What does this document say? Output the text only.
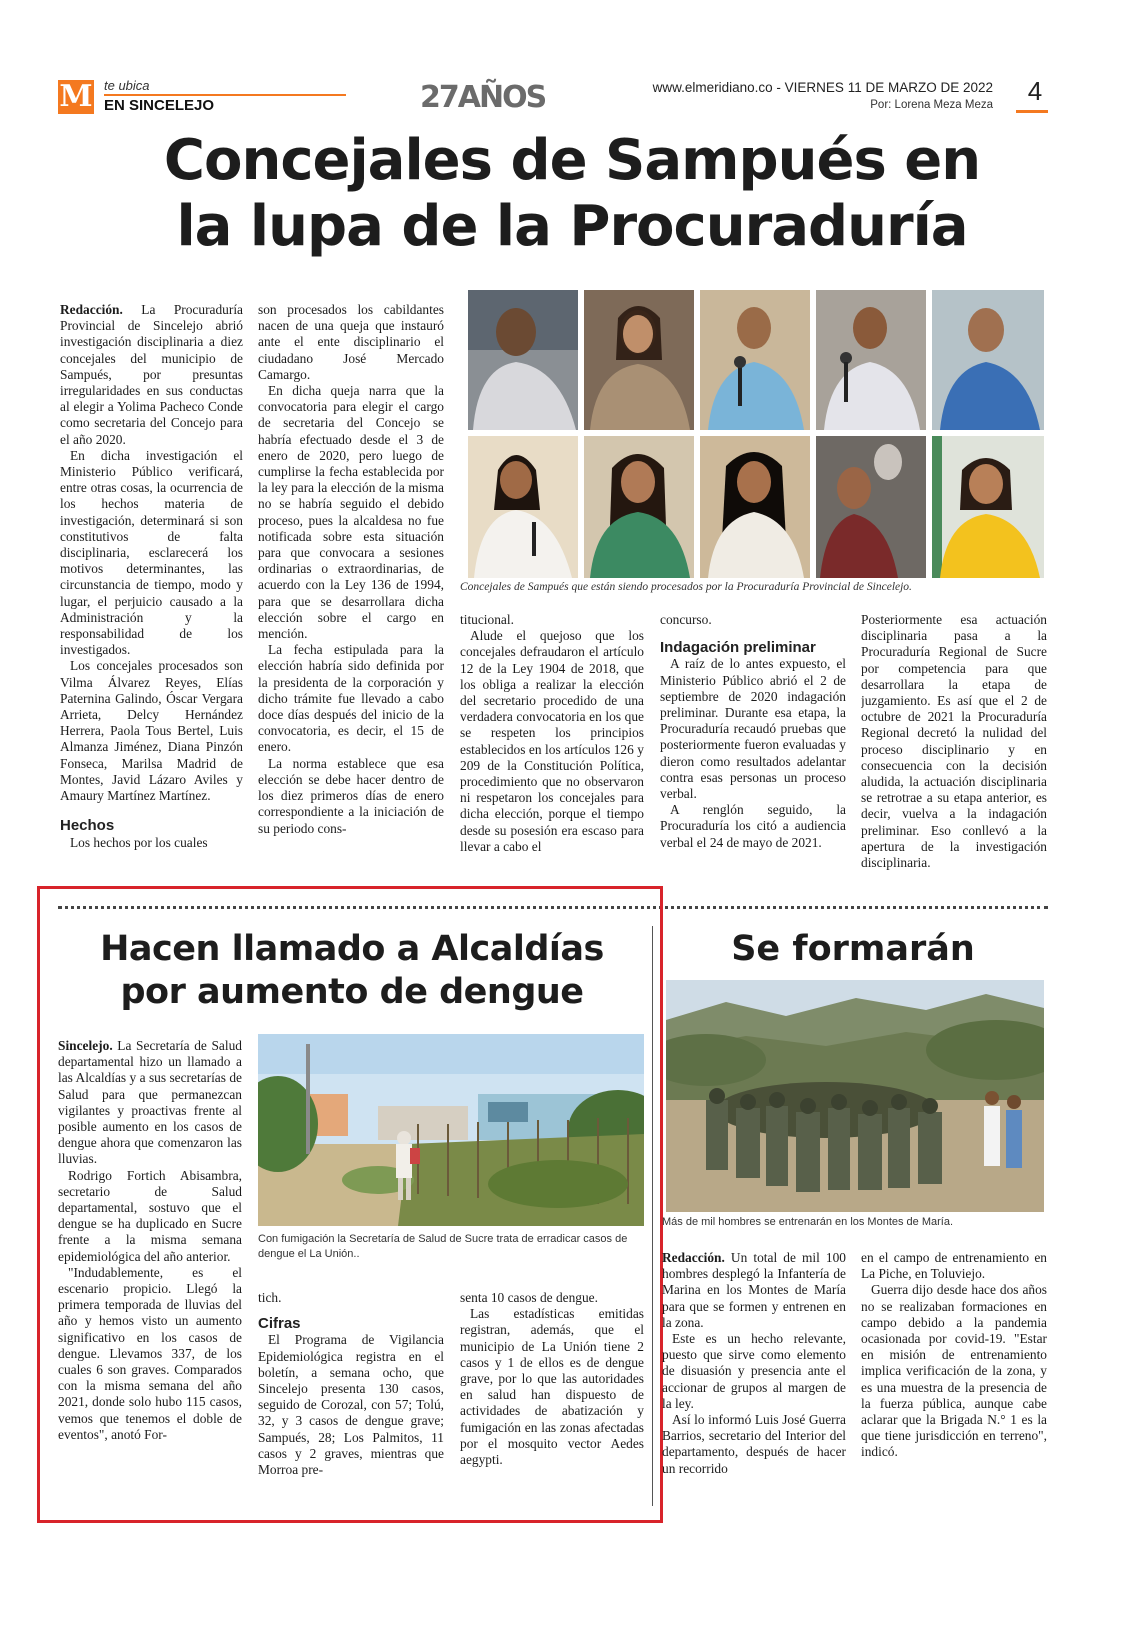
M te ubica
EN SINCELEJO	27AÑOS	www.elmeridiano.co - VIERNES 11 DE MARZO DE 2022
Por: Lorena Meza Meza 4
Concejales de Sampués en
la lupa de la Procuraduría

Redacción. La Procuraduría Provincial de Sincelejo abrió investigación disciplinaria a diez concejales del municipio de Sampués, por presuntas irregularidades en sus conductas al elegir a Yolima Pacheco Conde como secretaria del Concejo para el año 2020.

En dicha investigación el Ministerio Público verificará, entre otras cosas, la ocurrencia de los hechos materia de investigación, determinará si son constitutivos de falta disciplinaria, esclarecerá los motivos determinantes, las circunstancia de tiempo, modo y lugar, el perjuicio causado a la Administración y la responsabilidad de los investigados.

Los concejales procesados son Vilma Álvarez Reyes, Elías Paternina Galindo, Óscar Vergara Arrieta, Delcy Hernández Herrera, Paola Tous Bertel, Luis Almanza Jiménez, Diana Pinzón Fonseca, Marilsa Madrid de Montes, Javid Lázaro Aviles y Amaury Martínez Martínez.

Hechos

Los hechos por los cuales

son procesados los cabildantes nacen de una queja que instauró ante el ente disciplinario el ciudadano José Mercado Camargo.

En dicha queja narra que la convocatoria para elegir el cargo de secretaria del Concejo se habría efectuado desde el 3 de enero de 2020, pero luego de cumplirse la fecha establecida por la ley para la elección de la misma no se habría seguido el debido proceso, pues la alcaldesa no fue notificada sobre esta situación para que convocara a sesiones ordinarias o extraordinarias, de acuerdo con la Ley 136 de 1994, para que se desarrollara dicha elección sobre el cargo en mención.

La fecha estipulada para la elección habría sido definida por la presidenta de la corporación y dicho trámite fue llevado a cabo doce días después del inicio de la convocatoria, es decir, el 15 de enero.

La norma establece que esa elección se debe hacer dentro de los diez primeros días de enero correspondiente a la iniciación de su periodo cons-

Concejales de Sampués que están siendo procesados por la Procuraduría Provincial de Sincelejo.

titucional.

Alude el quejoso que los concejales defraudaron el artículo 12 de la Ley 1904 de 2018, que los obliga a realizar la elección del secretario procedido de una verdadera convocatoria en los que se respeten los principios establecidos en los artículos 126 y 209 de la Constitución Política, procedimiento que no observaron ni respetaron los concejales para dicha elección, porque el tiempo desde su posesión era escaso para llevar a cabo el

concurso.

Indagación preliminar

A raíz de lo antes expuesto, el Ministerio Público abrió el 2 de septiembre de 2020 indagación preliminar. Durante esa etapa, la Procuraduría recaudó pruebas que posteriormente fueron evaluadas y dieron como resultados adelantar contra esas personas un proceso verbal.

A renglón seguido, la Procuraduría los citó a audiencia verbal el 24 de mayo de 2021.

Posteriormente esa actuación disciplinaria pasa a la Procuraduría Regional de Sucre por competencia para que desarrollara la etapa de juzgamiento. Es así que el 2 de octubre de 2021 la Procuraduría Regional decretó la nulidad del proceso disciplinario y en consecuencia con la decisión aludida, la actuación disciplinaria se retrotrae a su etapa anterior, es decir, vuelva a la indagación preliminar. Eso conllevó a la apertura de la investigación disciplinaria.

Hacen llamado a Alcaldías
por aumento de dengue

Sincelejo. La Secretaría de Salud departamental hizo un llamado a las Alcaldías y a sus secretarías de Salud para que permanezcan vigilantes y proactivas frente al posible aumento en los casos de dengue ahora que comenzaron las lluvias.

Rodrigo Fortich Abisambra, secretario de Salud departamental, sostuvo que el dengue se ha duplicado en Sucre frente a la misma semana epidemiológica del año anterior.

"Indudablemente, es el escenario propicio. Llegó la primera temporada de lluvias del año y hemos visto un aumento significativo en los casos de dengue. Llevamos 337, de los cuales 6 son graves. Comparados con la misma semana del año 2021, donde solo hubo 115 casos, vemos que tenemos el doble de eventos", anotó For-

Con fumigación la Secretaría de Salud de Sucre trata de erradicar casos de dengue el La Unión..

tich.

Cifras

El Programa de Vigilancia Epidemiológica registra en el boletín, a semana ocho, que Sincelejo presenta 130 casos, seguido de Corozal, con 57; Tolú, 32, y 3 casos de dengue grave; Sampués, 28; Los Palmitos, 11 casos y 2 graves, mientras que Morroa pre-

senta 10 casos de dengue.

Las estadísticas emitidas registran, además, que el municipio de La Unión tiene 2 casos y 1 de ellos es de dengue grave, por lo que las autoridades en salud han dispuesto de actividades de abatización y fumigación en las zonas afectadas por el mosquito vector Aedes aegypti.

Se formarán
Más de mil hombres se entrenarán en los Montes de María.

Redacción. Un total de mil 100 hombres desplegó la Infantería de Marina en los Montes de María para que se formen y entrenen en la zona.

Este es un hecho relevante, puesto que sirve como elemento de disuasión y presencia ante el accionar de grupos al margen de la ley.

Así lo informó Luis José Guerra Barrios, secretario del Interior del departamento, después de hacer un recorrido

en el campo de entrenamiento en La Piche, en Toluviejo.

Guerra dijo desde hace dos años no se realizaban formaciones en campo debido a la pandemia ocasionada por covid-19. "Estar en misión de entrenamiento implica verificación de la zona, y es una muestra de la presencia de la fuerza pública, aunque cabe aclarar que la Brigada N.° 1 es la que tiene jurisdicción en terreno", indicó.
